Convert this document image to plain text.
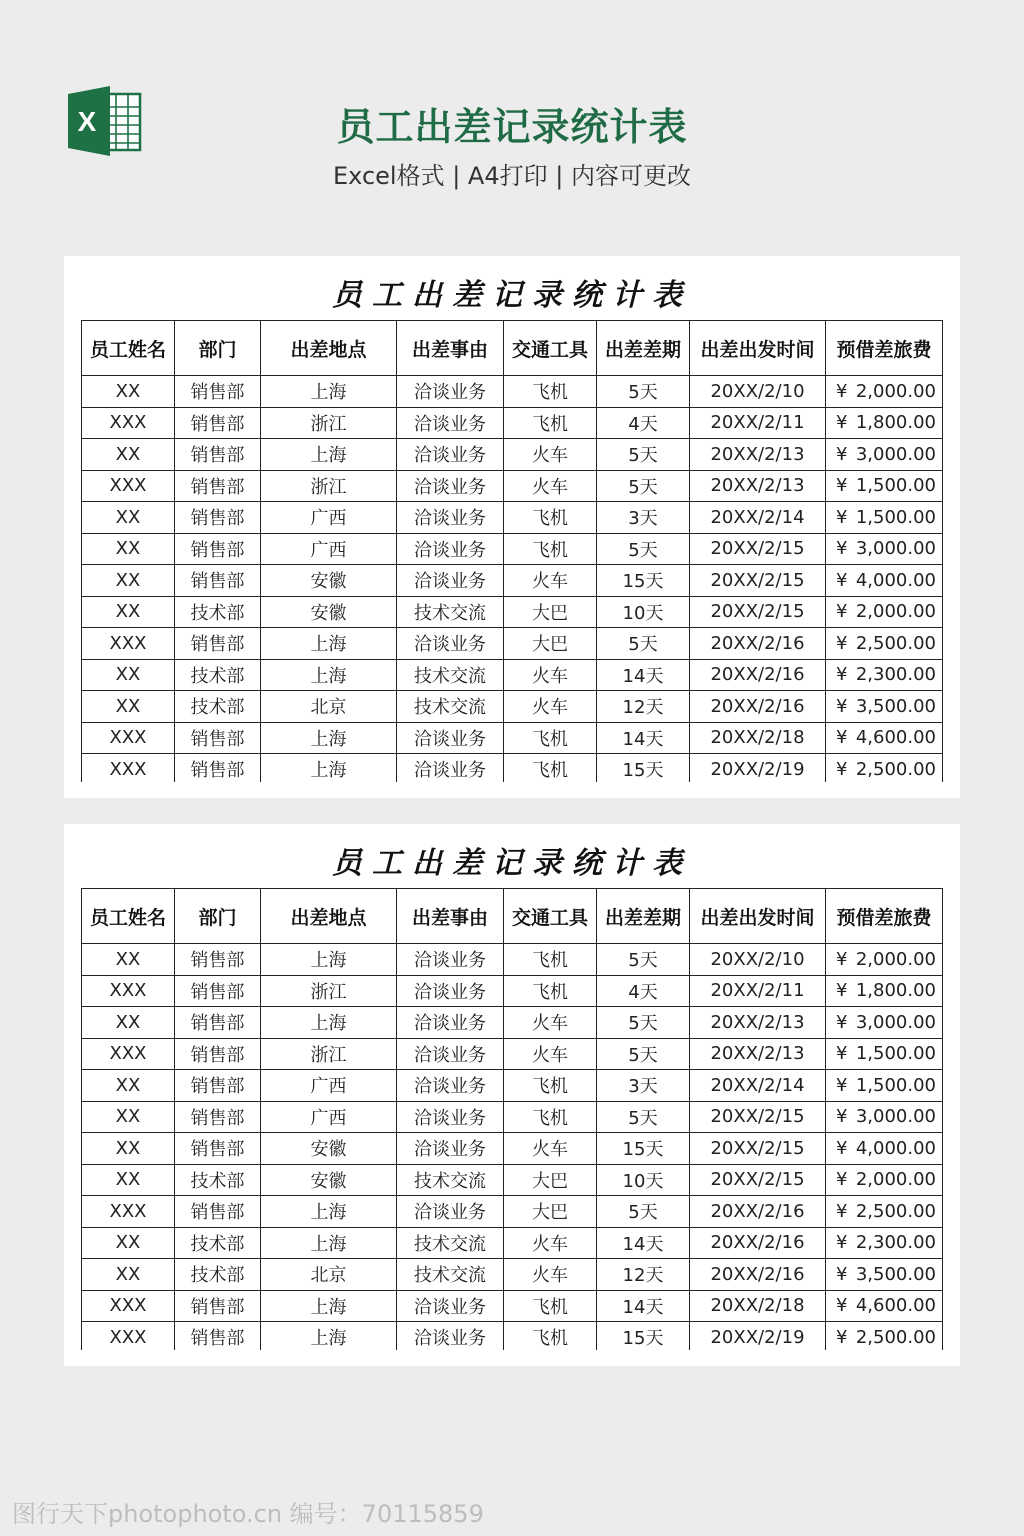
X	员工出差记录统计表
Excel格式 | A4打印 | 内容可更改
员工出差记录统计表
员工姓名	部门	出差地点	出差事由	交通工具	出差差期	出差出发时间	预借差旅费
XX	销售部	上海	洽谈业务	飞机	5天	20XX/2/10	¥ 2,000.00
XXX	销售部	浙江	洽谈业务	飞机	4天	20XX/2/11	¥ 1,800.00
XX	销售部	上海	洽谈业务	火车	5天	20XX/2/13	¥ 3,000.00
XXX	销售部	浙江	洽谈业务	火车	5天	20XX/2/13	¥ 1,500.00
XX	销售部	广西	洽谈业务	飞机	3天	20XX/2/14	¥ 1,500.00
XX	销售部	广西	洽谈业务	飞机	5天	20XX/2/15	¥ 3,000.00
XX	销售部	安徽	洽谈业务	火车	15天	20XX/2/15	¥ 4,000.00
XX	技术部	安徽	技术交流	大巴	10天	20XX/2/15	¥ 2,000.00
XXX	销售部	上海	洽谈业务	大巴	5天	20XX/2/16	¥ 2,500.00
XX	技术部	上海	技术交流	火车	14天	20XX/2/16	¥ 2,300.00
XX	技术部	北京	技术交流	火车	12天	20XX/2/16	¥ 3,500.00
XXX	销售部	上海	洽谈业务	飞机	14天	20XX/2/18	¥ 4,600.00
XXX	销售部	上海	洽谈业务	飞机	15天	20XX/2/19	¥ 2,500.00
员工出差记录统计表
员工姓名	部门	出差地点	出差事由	交通工具	出差差期	出差出发时间	预借差旅费
XX	销售部	上海	洽谈业务	飞机	5天	20XX/2/10	¥ 2,000.00
XXX	销售部	浙江	洽谈业务	飞机	4天	20XX/2/11	¥ 1,800.00
XX	销售部	上海	洽谈业务	火车	5天	20XX/2/13	¥ 3,000.00
XXX	销售部	浙江	洽谈业务	火车	5天	20XX/2/13	¥ 1,500.00
XX	销售部	广西	洽谈业务	飞机	3天	20XX/2/14	¥ 1,500.00
XX	销售部	广西	洽谈业务	飞机	5天	20XX/2/15	¥ 3,000.00
XX	销售部	安徽	洽谈业务	火车	15天	20XX/2/15	¥ 4,000.00
XX	技术部	安徽	技术交流	大巴	10天	20XX/2/15	¥ 2,000.00
XXX	销售部	上海	洽谈业务	大巴	5天	20XX/2/16	¥ 2,500.00
XX	技术部	上海	技术交流	火车	14天	20XX/2/16	¥ 2,300.00
XX	技术部	北京	技术交流	火车	12天	20XX/2/16	¥ 3,500.00
XXX	销售部	上海	洽谈业务	飞机	14天	20XX/2/18	¥ 4,600.00
XXX	销售部	上海	洽谈业务	飞机	15天	20XX/2/19	¥ 2,500.00
图行天下photophoto.cn 编号：70115859
